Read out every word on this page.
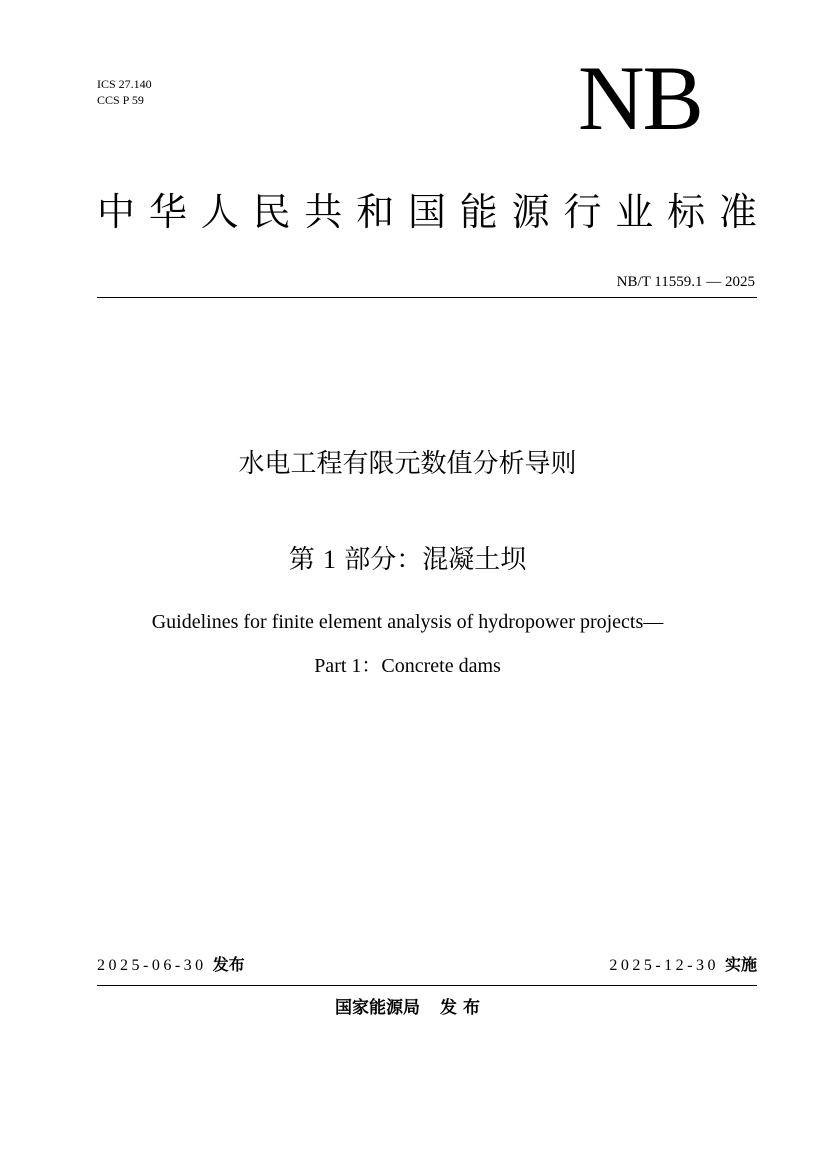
ICS 27.140
CCS P 59	NB
中 华 人 民 共 和 国 能 源 行 业 标 准
NB/T 11559.1 — 2025
水电工程有限元数值分析导则
第 1 部分：混凝土坝
Guidelines for finite element analysis of hydropower projects—
Part 1：Concrete dams
2025-06-30 发布	2025-12-30 实施
国家能源局 发 布
